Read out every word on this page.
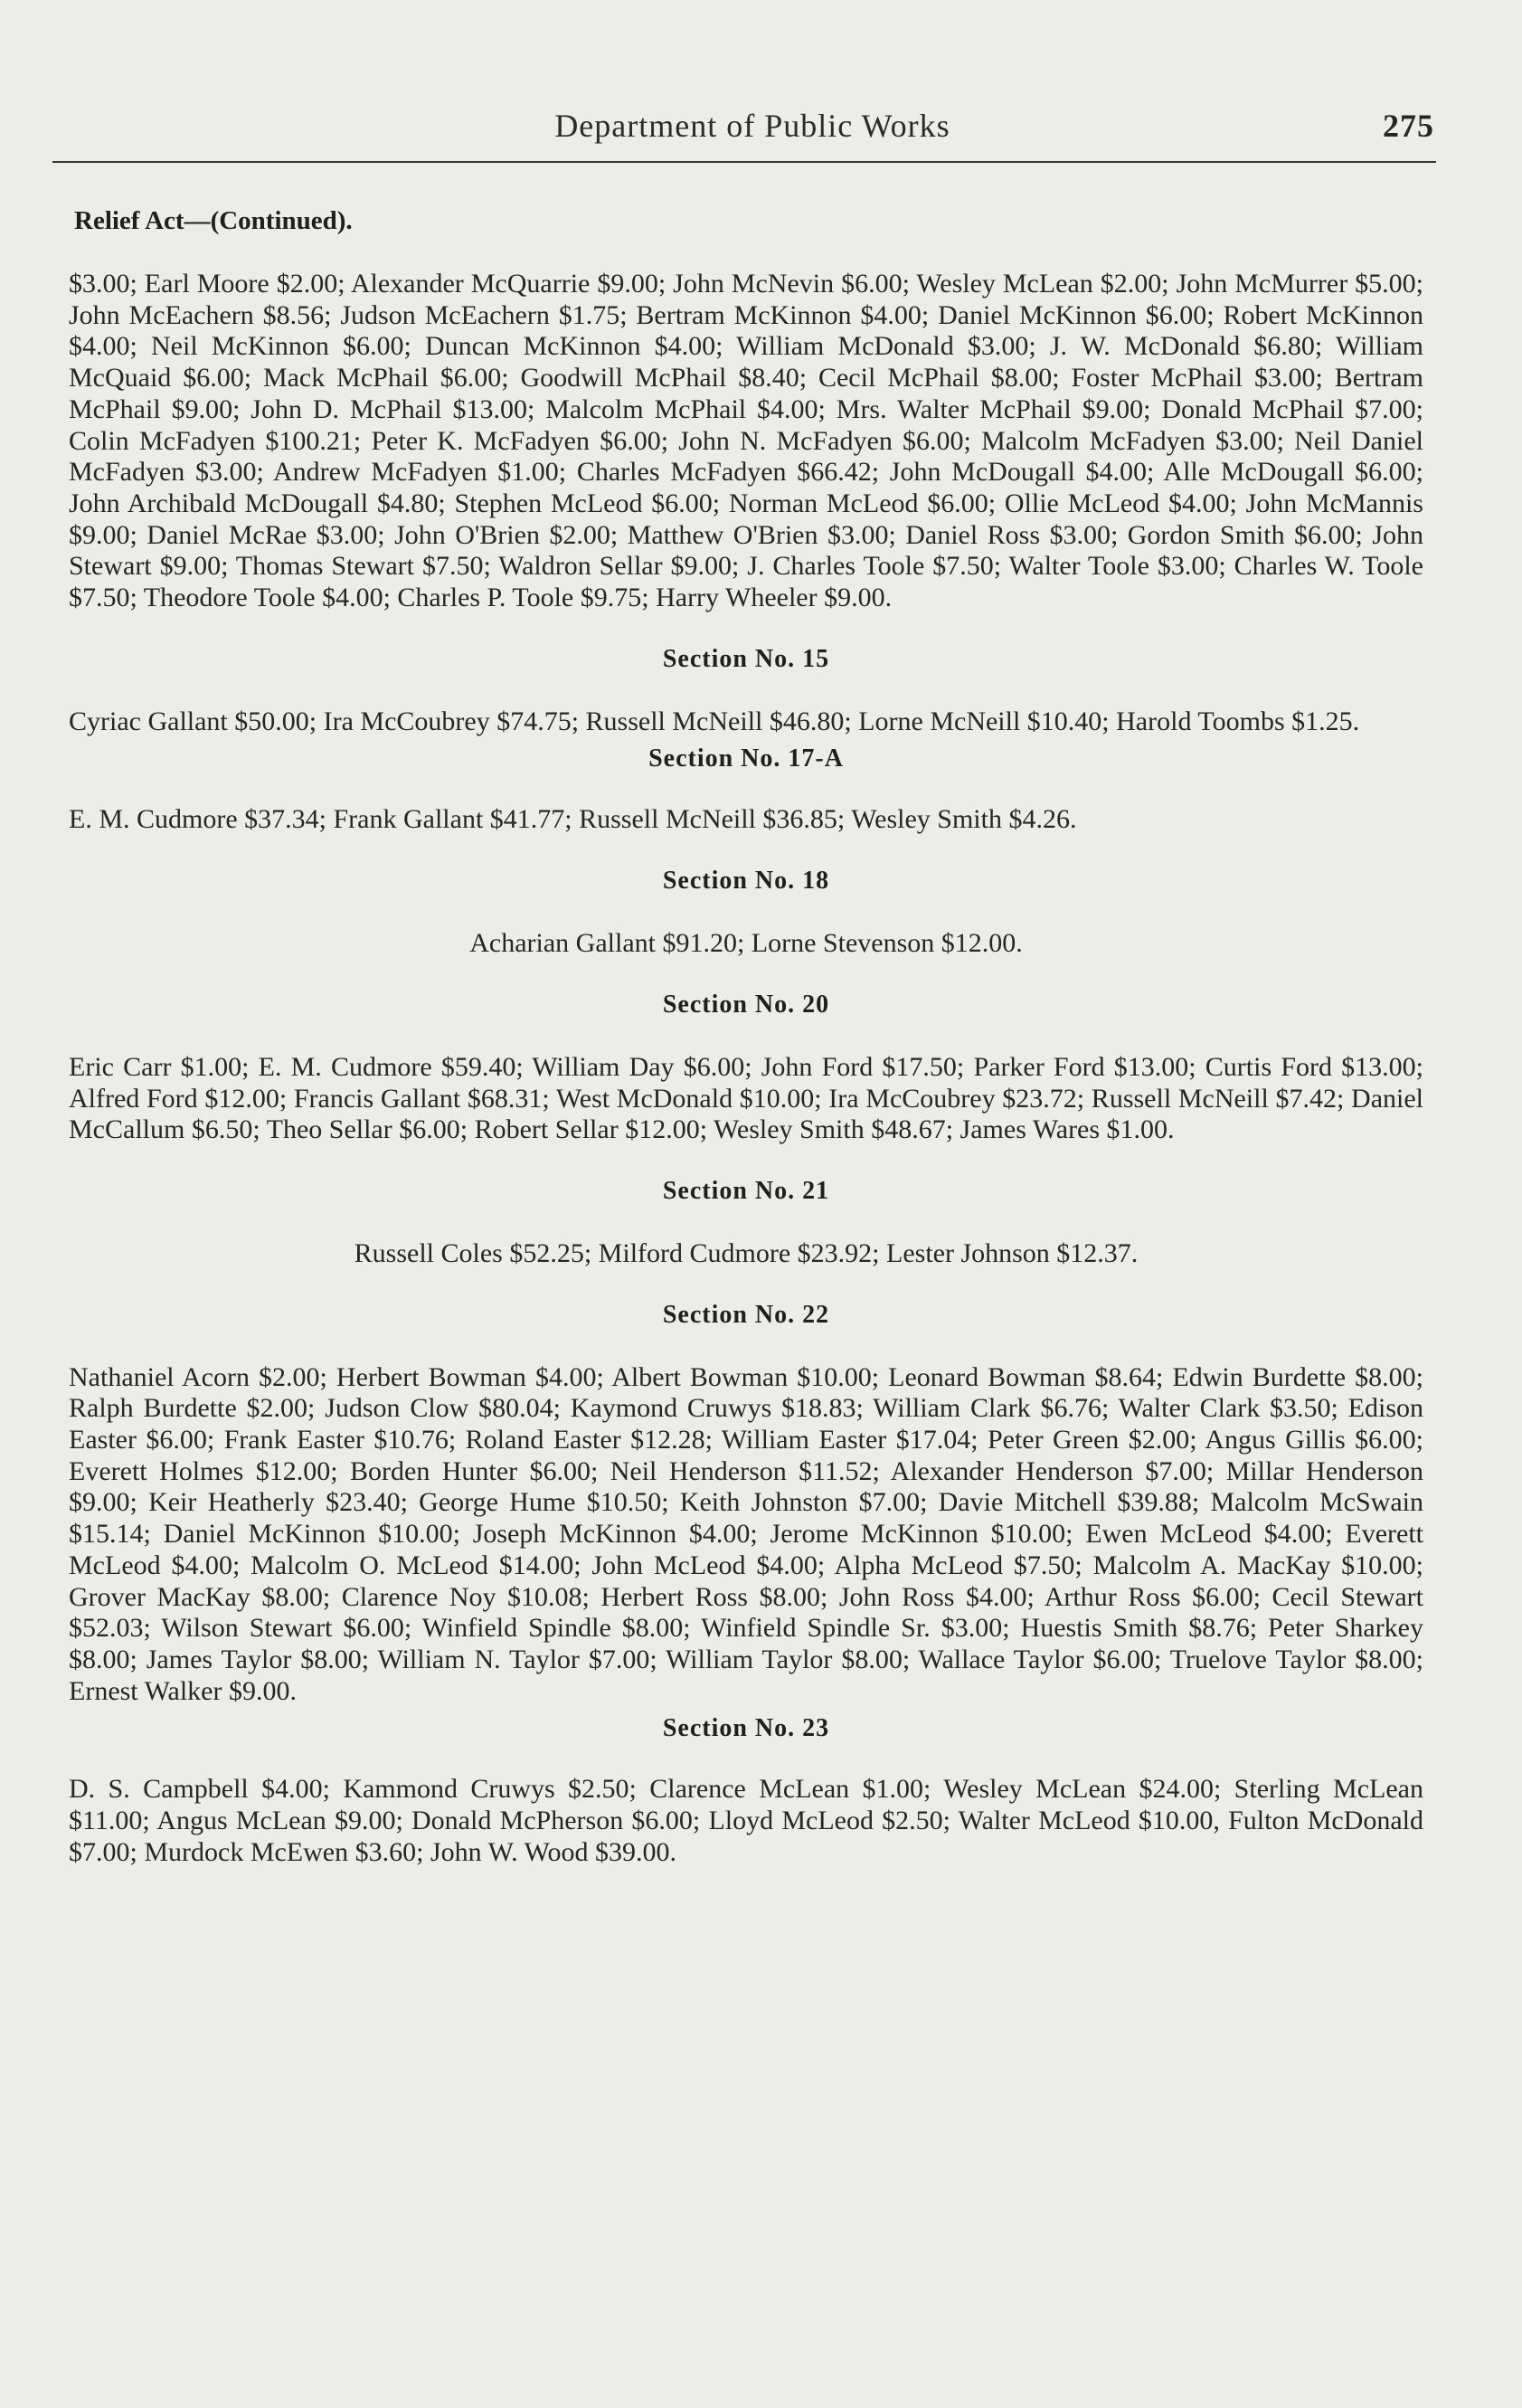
Department of Public Works	275
Relief Act—(Continued).

$3.00; Earl Moore $2.00; Alexander McQuarrie $9.00; John McNevin $6.00; Wesley McLean $2.00; John McMurrer $5.00; John McEachern $8.56; Judson McEachern $1.75; Bertram McKinnon $4.00; Daniel McKinnon $6.00; Robert McKinnon $4.00; Neil McKinnon $6.00; Duncan McKinnon $4.00; William McDonald $3.00; J. W. McDonald $6.80; William McQuaid $6.00; Mack McPhail $6.00; Goodwill McPhail $8.40; Cecil McPhail $8.00; Foster McPhail $3.00; Bertram McPhail $9.00; John D. McPhail $13.00; Malcolm McPhail $4.00; Mrs. Walter McPhail $9.00; Donald McPhail $7.00; Colin McFadyen $100.21; Peter K. McFadyen $6.00; John N. McFadyen $6.00; Malcolm McFadyen $3.00; Neil Daniel McFadyen $3.00; Andrew McFadyen $1.00; Charles McFadyen $66.42; John McDougall $4.00; Alle McDougall $6.00; John Archibald McDougall $4.80; Stephen McLeod $6.00; Norman McLeod $6.00; Ollie McLeod $4.00; John McMannis $9.00; Daniel McRae $3.00; John O'Brien $2.00; Matthew O'Brien $3.00; Daniel Ross $3.00; Gordon Smith $6.00; John Stewart $9.00; Thomas Stewart $7.50; Waldron Sellar $9.00; J. Charles Toole $7.50; Walter Toole $3.00; Charles W. Toole $7.50; Theodore Toole $4.00; Charles P. Toole $9.75; Harry Wheeler $9.00.

Section No. 15

Cyriac Gallant $50.00; Ira McCoubrey $74.75; Russell McNeill $46.80; Lorne McNeill $10.40; Harold Toombs $1.25.

Section No. 17-A

E. M. Cudmore $37.34; Frank Gallant $41.77; Russell McNeill $36.85; Wesley Smith $4.26.

Section No. 18

Acharian Gallant $91.20; Lorne Stevenson $12.00.

Section No. 20

Eric Carr $1.00; E. M. Cudmore $59.40; William Day $6.00; John Ford $17.50; Parker Ford $13.00; Curtis Ford $13.00; Alfred Ford $12.00; Francis Gallant $68.31; West McDonald $10.00; Ira McCoubrey $23.72; Russell McNeill $7.42; Daniel McCallum $6.50; Theo Sellar $6.00; Robert Sellar $12.00; Wesley Smith $48.67; James Wares $1.00.

Section No. 21

Russell Coles $52.25; Milford Cudmore $23.92; Lester Johnson $12.37.

Section No. 22

Nathaniel Acorn $2.00; Herbert Bowman $4.00; Albert Bowman $10.00; Leonard Bowman $8.64; Edwin Burdette $8.00; Ralph Burdette $2.00; Judson Clow $80.04; Kaymond Cruwys $18.83; William Clark $6.76; Walter Clark $3.50; Edison Easter $6.00; Frank Easter $10.76; Roland Easter $12.28; William Easter $17.04; Peter Green $2.00; Angus Gillis $6.00; Everett Holmes $12.00; Borden Hunter $6.00; Neil Henderson $11.52; Alexander Henderson $7.00; Millar Henderson $9.00; Keir Heatherly $23.40; George Hume $10.50; Keith Johnston $7.00; Davie Mitchell $39.88; Malcolm McSwain $15.14; Daniel McKinnon $10.00; Joseph McKinnon $4.00; Jerome McKinnon $10.00; Ewen McLeod $4.00; Everett McLeod $4.00; Malcolm O. McLeod $14.00; John McLeod $4.00; Alpha McLeod $7.50; Malcolm A. MacKay $10.00; Grover MacKay $8.00; Clarence Noy $10.08; Herbert Ross $8.00; John Ross $4.00; Arthur Ross $6.00; Cecil Stewart $52.03; Wilson Stewart $6.00; Winfield Spindle $8.00; Winfield Spindle Sr. $3.00; Huestis Smith $8.76; Peter Sharkey $8.00; James Taylor $8.00; William N. Taylor $7.00; William Taylor $8.00; Wallace Taylor $6.00; Truelove Taylor $8.00; Ernest Walker $9.00.

Section No. 23

D. S. Campbell $4.00; Kammond Cruwys $2.50; Clarence McLean $1.00; Wesley McLean $24.00; Sterling McLean $11.00; Angus McLean $9.00; Donald McPherson $6.00; Lloyd McLeod $2.50; Walter McLeod $10.00, Fulton McDonald $7.00; Murdock McEwen $3.60; John W. Wood $39.00.
